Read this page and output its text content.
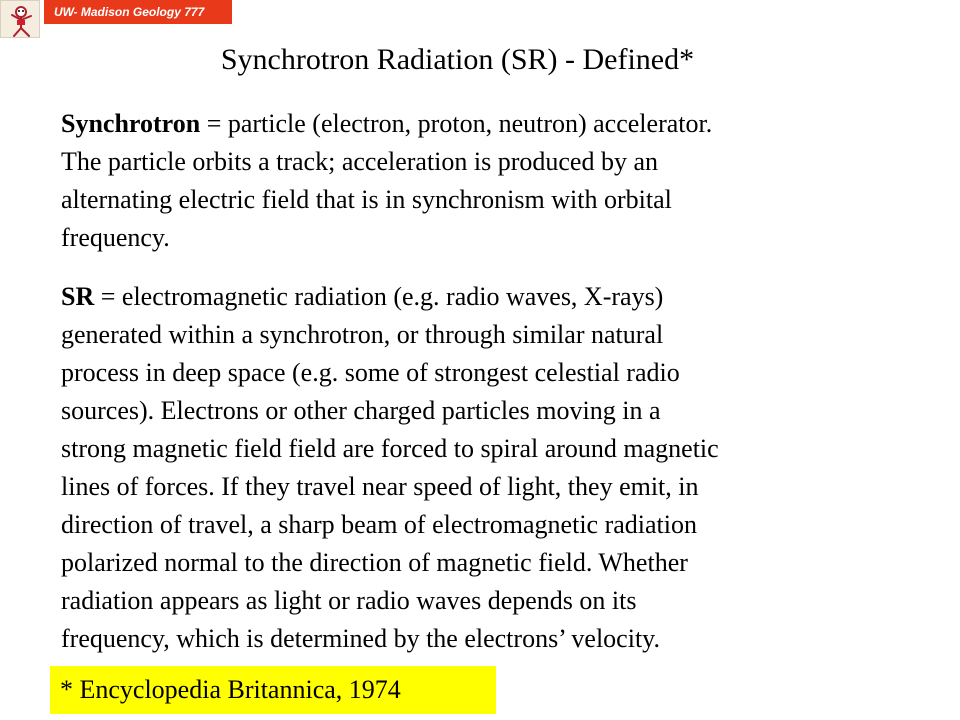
UW- Madison Geology 777
Synchrotron Radiation (SR) - Defined*
Synchrotron = particle (electron, proton, neutron) accelerator.
The particle orbits a track; acceleration is produced by an
alternating electric field that is in synchronism with orbital
frequency.
SR = electromagnetic radiation (e.g. radio waves, X-rays)
generated within a synchrotron, or through similar natural
process in deep space (e.g. some of strongest celestial radio
sources). Electrons or other charged particles moving in a
strong magnetic field field are forced to spiral around magnetic
lines of forces. If they travel near speed of light, they emit, in
direction of travel, a sharp beam of electromagnetic radiation
polarized normal to the direction of magnetic field. Whether
radiation appears as light or radio waves depends on its
frequency, which is determined by the electrons’ velocity.
* Encyclopedia Britannica, 1974
